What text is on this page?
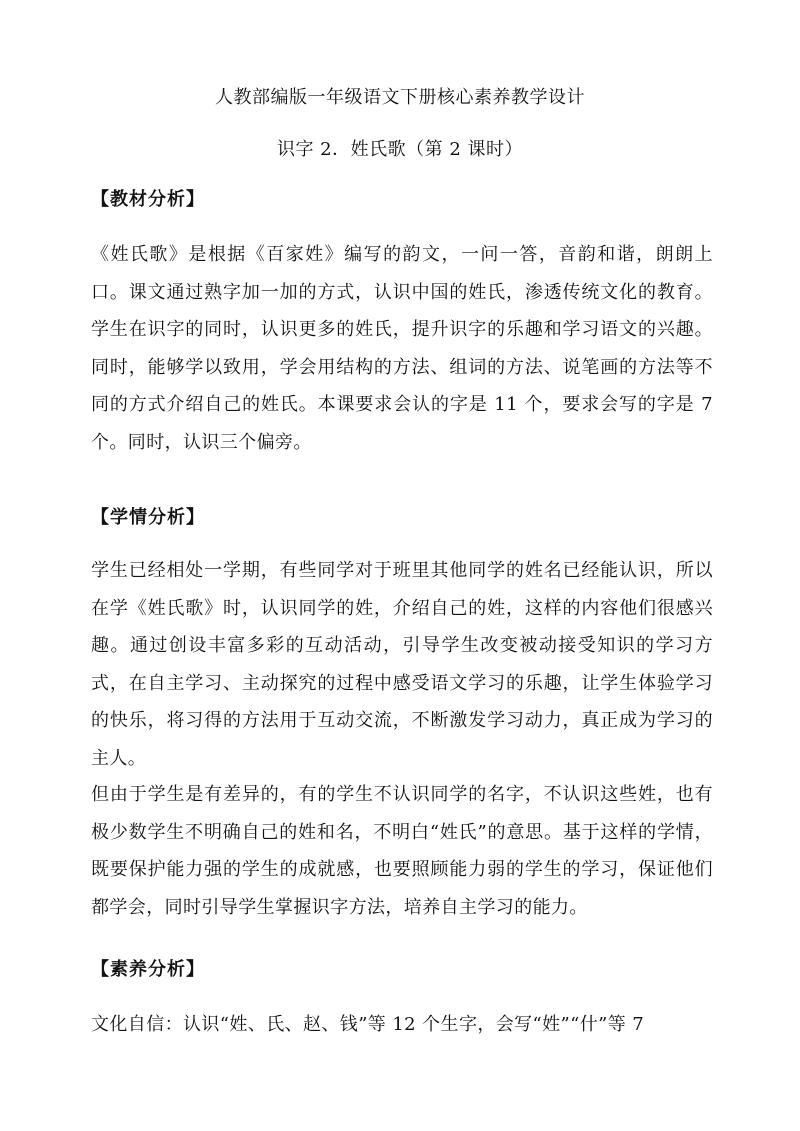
人教部编版一年级语文下册核心素养教学设计
识字 2．姓氏歌（第 2 课时）
【教材分析】

《姓氏歌》是根据《百家姓》编写的韵文，一问一答，音韵和谐，朗朗上口。课文通过熟字加一加的方式，认识中国的姓氏，渗透传统文化的教育。学生在识字的同时，认识更多的姓氏，提升识字的乐趣和学习语文的兴趣。同时，能够学以致用，学会用结构的方法、组词的方法、说笔画的方法等不同的方式介绍自己的姓氏。本课要求会认的字是 11 个，要求会写的字是 7 个。同时，认识三个偏旁。

【学情分析】

学生已经相处一学期，有些同学对于班里其他同学的姓名已经能认识，所以在学《姓氏歌》时，认识同学的姓，介绍自己的姓，这样的内容他们很感兴趣。通过创设丰富多彩的互动活动，引导学生改变被动接受知识的学习方式，在自主学习、主动探究的过程中感受语文学习的乐趣，让学生体验学习的快乐，将习得的方法用于互动交流，不断激发学习动力，真正成为学习的主人。

但由于学生是有差异的，有的学生不认识同学的名字，不认识这些姓，也有极少数学生不明确自己的姓和名，不明白“姓氏”的意思。基于这样的学情，既要保护能力强的学生的成就感，也要照顾能力弱的学生的学习，保证他们都学会，同时引导学生掌握识字方法，培养自主学习的能力。

【素养分析】

文化自信：认识“姓、氏、赵、钱”等 12 个生字，会写“姓”“什”等 7
